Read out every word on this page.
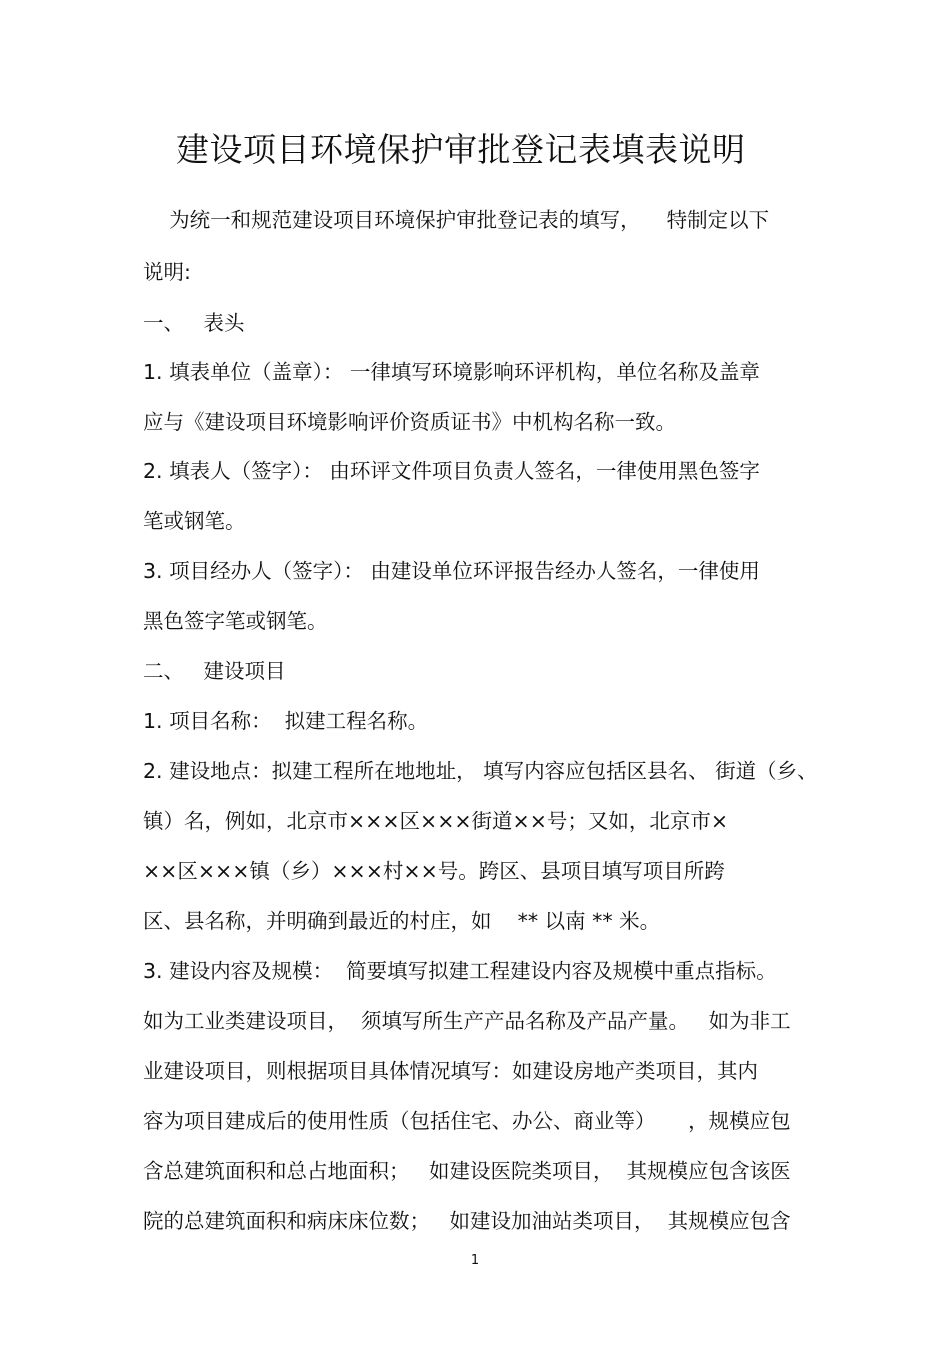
建设项目环境保护审批登记表填表说明
为统一和规范建设项目环境保护审批登记表的填写，    特制定以下
说明:
一、   表头
1. 填表单位（盖章）： 一律填写环境影响环评机构，单位名称及盖章
应与《建设项目环境影响评价资质证书》中机构名称一致。
2. 填表人（签字）： 由环评文件项目负责人签名，一律使用黑色签字
笔或钢笔。
3. 项目经办人（签字）： 由建设单位环评报告经办人签名，一律使用
黑色签字笔或钢笔。
二、   建设项目
1. 项目名称：  拟建工程名称。
2. 建设地点：拟建工程所在地地址， 填写内容应包括区县名、 街道（乡、
镇）名，例如，北京市×××区×××街道××号；又如，北京市×
××区×××镇（乡）×××村××号。跨区、县项目填写项目所跨
区、县名称，并明确到最近的村庄，如    ** 以南 ** 米。
3. 建设内容及规模：  简要填写拟建工程建设内容及规模中重点指标。
如为工业类建设项目，  须填写所生产产品名称及产品产量。   如为非工
业建设项目，则根据项目具体情况填写：如建设房地产类项目，其内
容为项目建成后的使用性质（包括住宅、办公、商业等）     ，规模应包
含总建筑面积和总占地面积；   如建设医院类项目，  其规模应包含该医
院的总建筑面积和病床床位数；   如建设加油站类项目，  其规模应包含
1
